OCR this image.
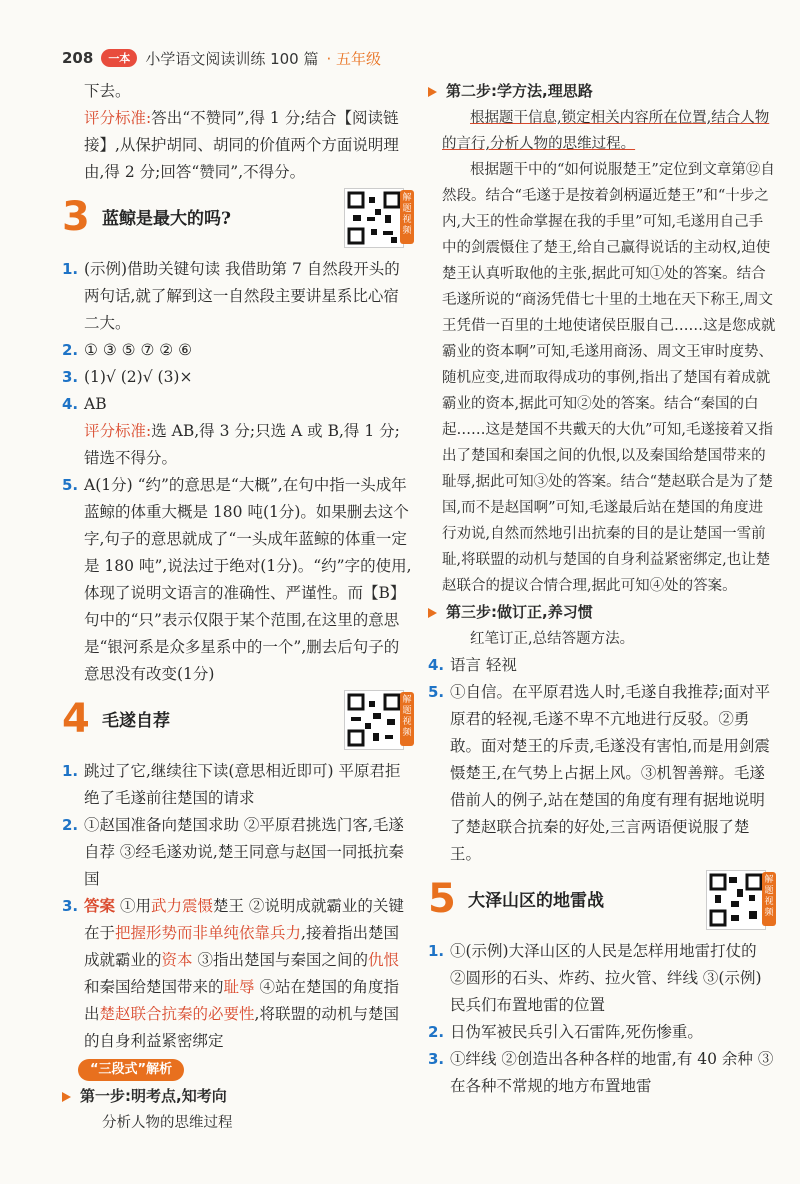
208	一本	小学语文阅读训练 100 篇 · 五年级

下去。

评分标准:答出“不赞同”,得 1 分;结合【阅读链接】,从保护胡同、胡同的价值两个方面说明理由,得 2 分;回答“赞同”,不得分。

3 蓝鲸是最大的吗?
解题视频
1. (示例)借助关键句读 我借助第 7 自然段开头的两句话,就了解到这一自然段主要讲星系比心宿二大。
2. ① ③ ⑤ ⑦ ② ⑥
3. (1)√ (2)√ (3)×
4. AB

评分标准:选 AB,得 3 分;只选 A 或 B,得 1 分;错选不得分。

5. A(1分) “约”的意思是“大概”,在句中指一头成年蓝鲸的体重大概是 180 吨(1分)。如果删去这个字,句子的意思就成了“一头成年蓝鲸的体重一定是 180 吨”,说法过于绝对(1分)。“约”字的使用,体现了说明文语言的准确性、严谨性。而【B】句中的“只”表示仅限于某个范围,在这里的意思是“银河系是众多星系中的一个”,删去后句子的意思没有改变(1分)
4 毛遂自荐
解题视频
1. 跳过了它,继续往下读(意思相近即可) 平原君拒绝了毛遂前往楚国的请求
2. ①赵国准备向楚国求助 ②平原君挑选门客,毛遂自荐 ③经毛遂劝说,楚王同意与赵国一同抵抗秦国
3. 答案 ①用武力震慑楚王 ②说明成就霸业的关键在于把握形势而非单纯依靠兵力,接着指出楚国成就霸业的资本 ③指出楚国与秦国之间的仇恨和秦国给楚国带来的耻辱 ④站在楚国的角度指出楚赵联合抗秦的必要性,将联盟的动机与楚国的自身利益紧密绑定
“三段式”解析
第一步:明考点,知考向

分析人物的思维过程

第二步:学方法,理思路

根据题干信息,锁定相关内容所在位置,结合人物的言行,分析人物的思维过程。

根据题干中的“如何说服楚王”定位到文章第⑫自然段。结合“毛遂于是按着剑柄逼近楚王”和“十步之内,大王的性命掌握在我的手里”可知,毛遂用自己手中的剑震慑住了楚王,给自己赢得说话的主动权,迫使楚王认真听取他的主张,据此可知①处的答案。结合毛遂所说的“商汤凭借七十里的土地在天下称王,周文王凭借一百里的土地使诸侯臣服自己……这是您成就霸业的资本啊”可知,毛遂用商汤、周文王审时度势、随机应变,进而取得成功的事例,指出了楚国有着成就霸业的资本,据此可知②处的答案。结合“秦国的白起……这是楚国不共戴天的大仇”可知,毛遂接着又指出了楚国和秦国之间的仇恨,以及秦国给楚国带来的耻辱,据此可知③处的答案。结合“楚赵联合是为了楚国,而不是赵国啊”可知,毛遂最后站在楚国的角度进行劝说,自然而然地引出抗秦的目的是让楚国一雪前耻,将联盟的动机与楚国的自身利益紧密绑定,也让楚赵联合的提议合情合理,据此可知④处的答案。

第三步:做订正,养习惯

红笔订正,总结答题方法。

4. 语言 轻视
5. ①自信。在平原君选人时,毛遂自我推荐;面对平原君的轻视,毛遂不卑不亢地进行反驳。②勇敢。面对楚王的斥责,毛遂没有害怕,而是用剑震慑楚王,在气势上占据上风。③机智善辩。毛遂借前人的例子,站在楚国的角度有理有据地说明了楚赵联合抗秦的好处,三言两语便说服了楚王。
5 大泽山区的地雷战
解题视频
1. ①(示例)大泽山区的人民是怎样用地雷打仗的 ②圆形的石头、炸药、拉火管、绊线 ③(示例)民兵们布置地雷的位置
2. 日伪军被民兵引入石雷阵,死伤惨重。
3. ①绊线 ②创造出各种各样的地雷,有 40 余种 ③在各种不常规的地方布置地雷
